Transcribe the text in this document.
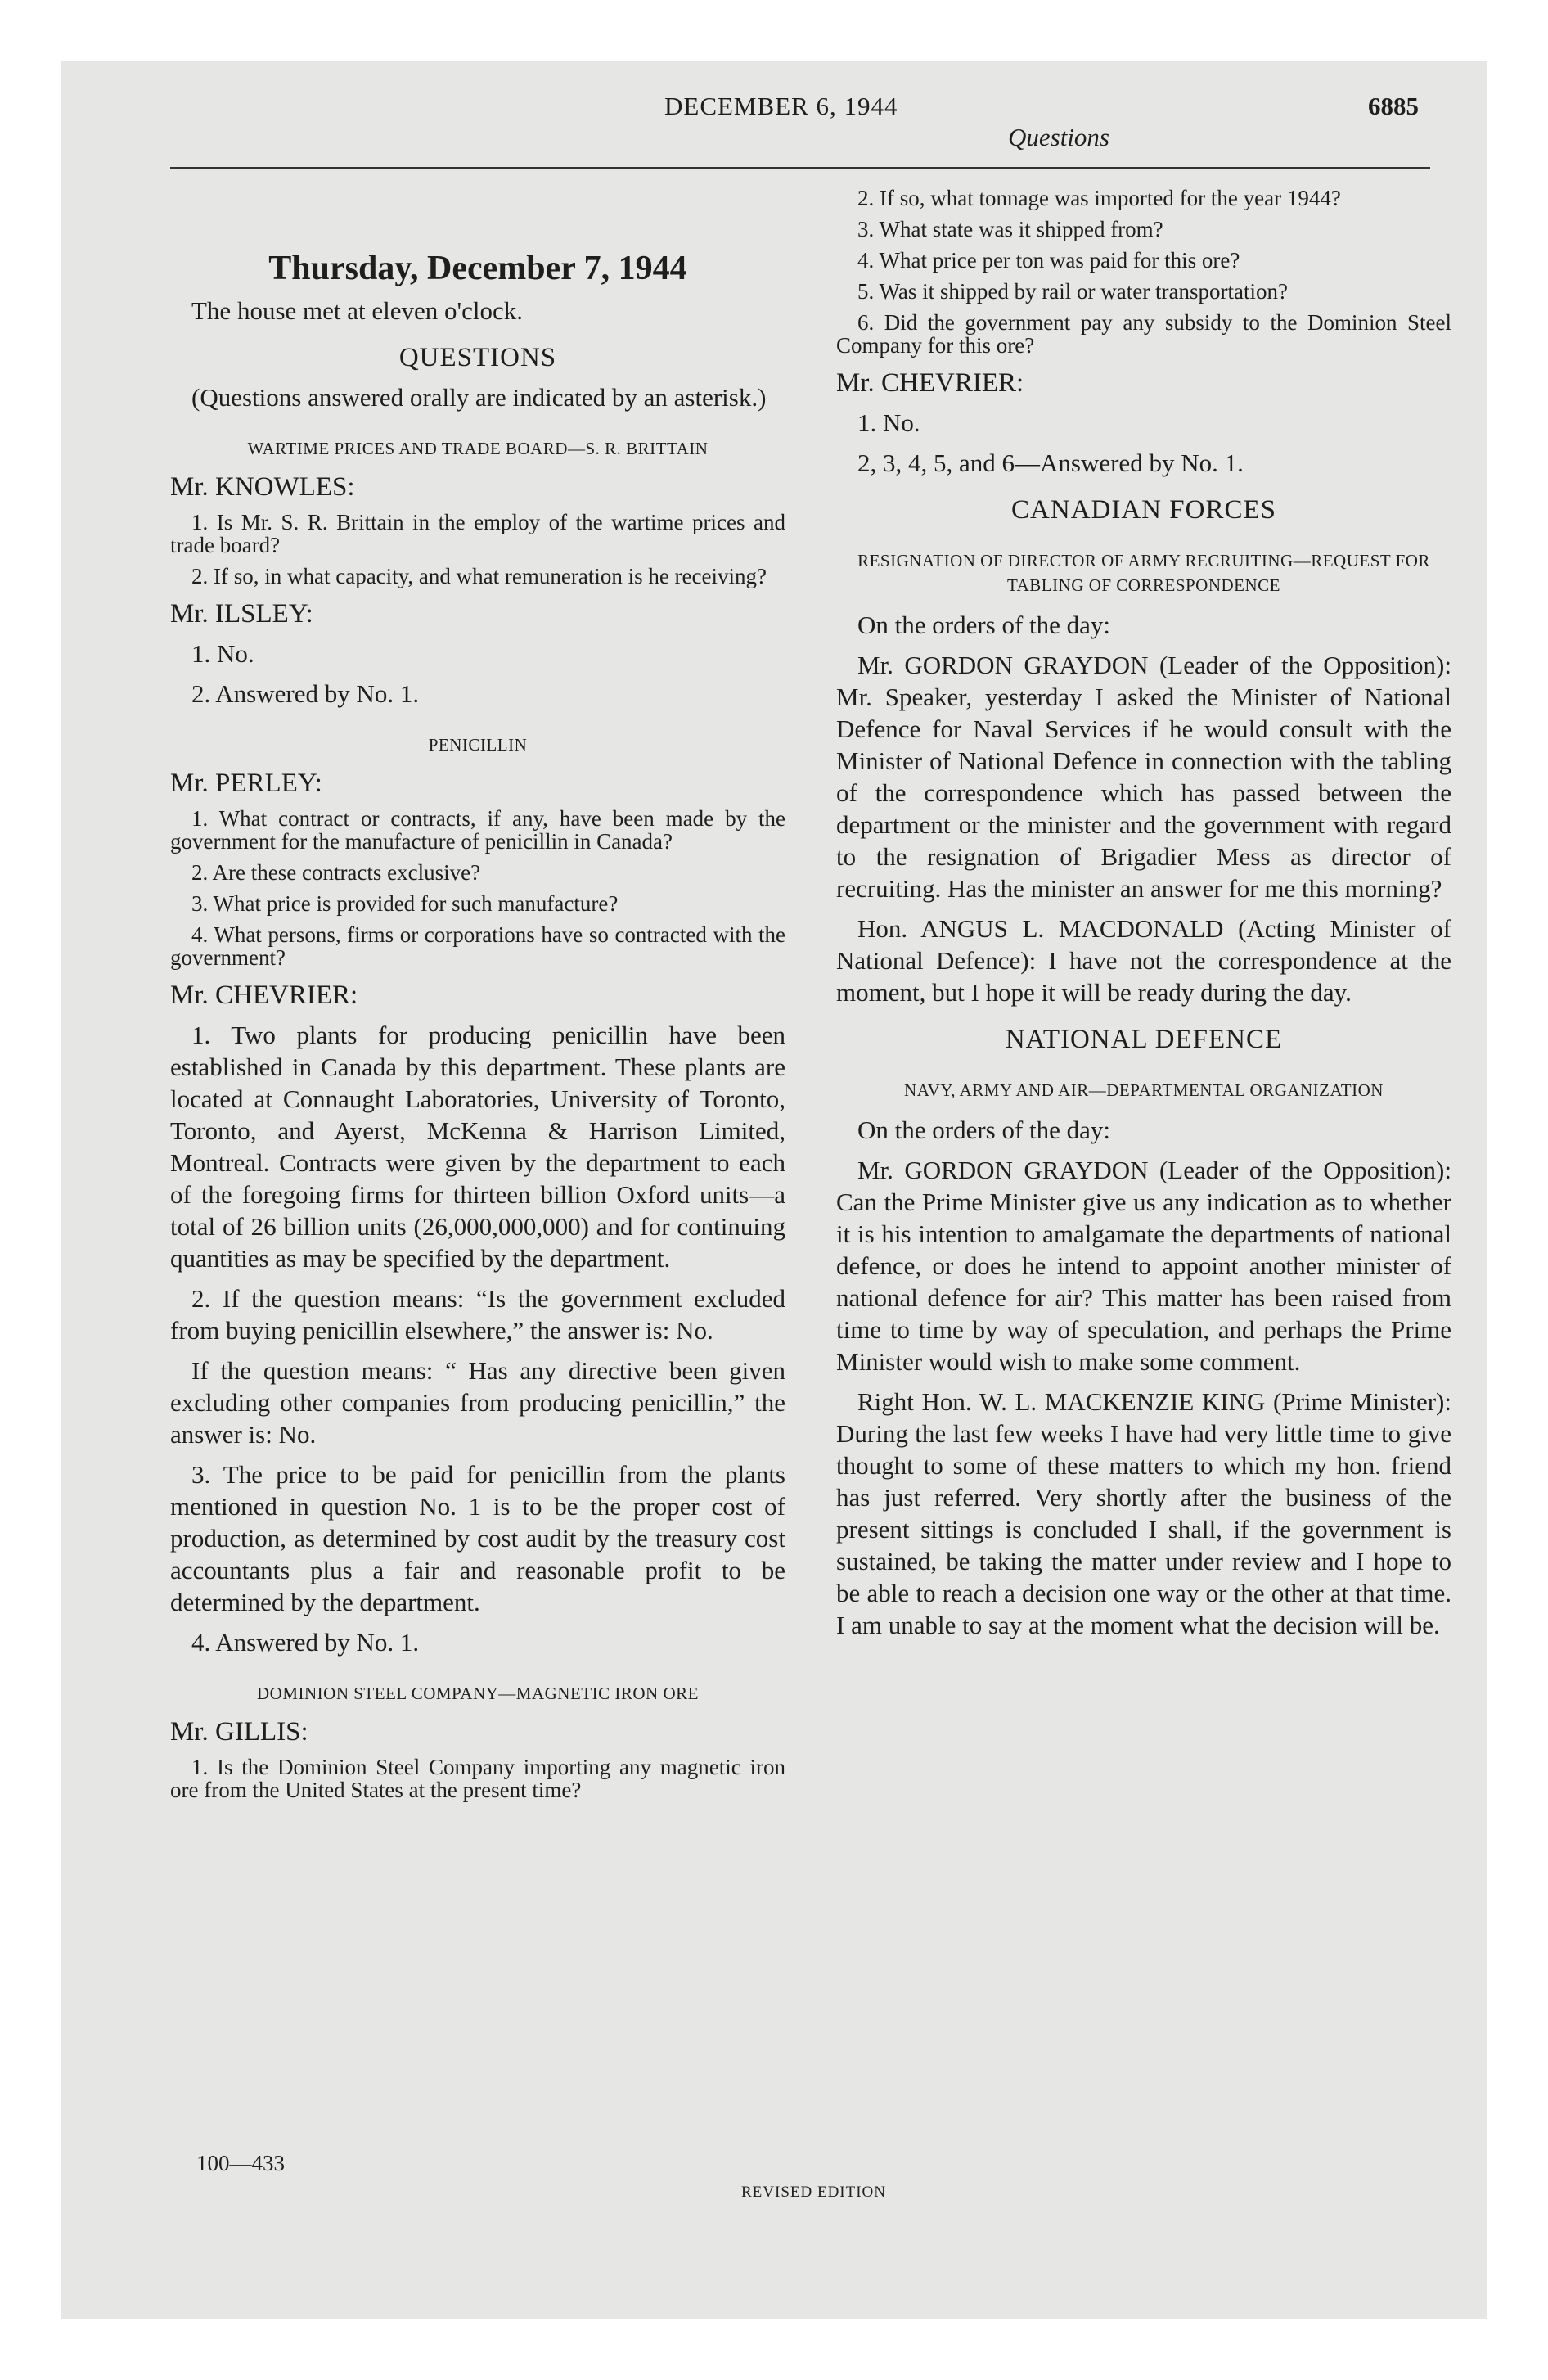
DECEMBER 6, 1944
Questions
6885
Thursday, December 7, 1944

The house met at eleven o'clock.

QUESTIONS

(Questions answered orally are indicated by an asterisk.)

WARTIME PRICES AND TRADE BOARD—S. R. BRITTAIN
Mr. KNOWLES:

1. Is Mr. S. R. Brittain in the employ of the wartime prices and trade board?

2. If so, in what capacity, and what remuneration is he receiving?

Mr. ILSLEY:

1. No.

2. Answered by No. 1.

PENICILLIN
Mr. PERLEY:

1. What contract or contracts, if any, have been made by the government for the manufacture of penicillin in Canada?

2. Are these contracts exclusive?

3. What price is provided for such manufacture?

4. What persons, firms or corporations have so contracted with the government?

Mr. CHEVRIER:

1. Two plants for producing penicillin have been established in Canada by this department. These plants are located at Connaught Laboratories, University of Toronto, Toronto, and Ayerst, McKenna & Harrison Limited, Montreal. Contracts were given by the department to each of the foregoing firms for thirteen billion Oxford units—a total of 26 billion units (26,000,000,000) and for continuing quantities as may be specified by the department.

2. If the question means: “Is the government excluded from buying penicillin elsewhere,” the answer is: No.

If the question means: “ Has any directive been given excluding other companies from producing penicillin,” the answer is: No.

3. The price to be paid for penicillin from the plants mentioned in question No. 1 is to be the proper cost of production, as determined by cost audit by the treasury cost accountants plus a fair and reasonable profit to be determined by the department.

4. Answered by No. 1.

DOMINION STEEL COMPANY—MAGNETIC IRON ORE
Mr. GILLIS:

1. Is the Dominion Steel Company importing any magnetic iron ore from the United States at the present time?

2. If so, what tonnage was imported for the year 1944?

3. What state was it shipped from?

4. What price per ton was paid for this ore?

5. Was it shipped by rail or water transportation?

6. Did the government pay any subsidy to the Dominion Steel Company for this ore?

Mr. CHEVRIER:

1. No.

2, 3, 4, 5, and 6—Answered by No. 1.

CANADIAN FORCES
RESIGNATION OF DIRECTOR OF ARMY RECRUITING—REQUEST FOR TABLING OF CORRESPONDENCE

On the orders of the day:

Mr. GORDON GRAYDON (Leader of the Opposition): Mr. Speaker, yesterday I asked the Minister of National Defence for Naval Services if he would consult with the Minister of National Defence in connection with the tabling of the correspondence which has passed between the department or the minister and the government with regard to the resignation of Brigadier Mess as director of recruiting. Has the minister an answer for me this morning?

Hon. ANGUS L. MACDONALD (Acting Minister of National Defence): I have not the correspondence at the moment, but I hope it will be ready during the day.

NATIONAL DEFENCE
NAVY, ARMY AND AIR—DEPARTMENTAL ORGANIZATION

On the orders of the day:

Mr. GORDON GRAYDON (Leader of the Opposition): Can the Prime Minister give us any indication as to whether it is his intention to amalgamate the departments of national defence, or does he intend to appoint another minister of national defence for air? This matter has been raised from time to time by way of speculation, and perhaps the Prime Minister would wish to make some comment.

Right Hon. W. L. MACKENZIE KING (Prime Minister): During the last few weeks I have had very little time to give thought to some of these matters to which my hon. friend has just referred. Very shortly after the business of the present sittings is concluded I shall, if the government is sustained, be taking the matter under review and I hope to be able to reach a decision one way or the other at that time. I am unable to say at the moment what the decision will be.

100—433
REVISED EDITION
